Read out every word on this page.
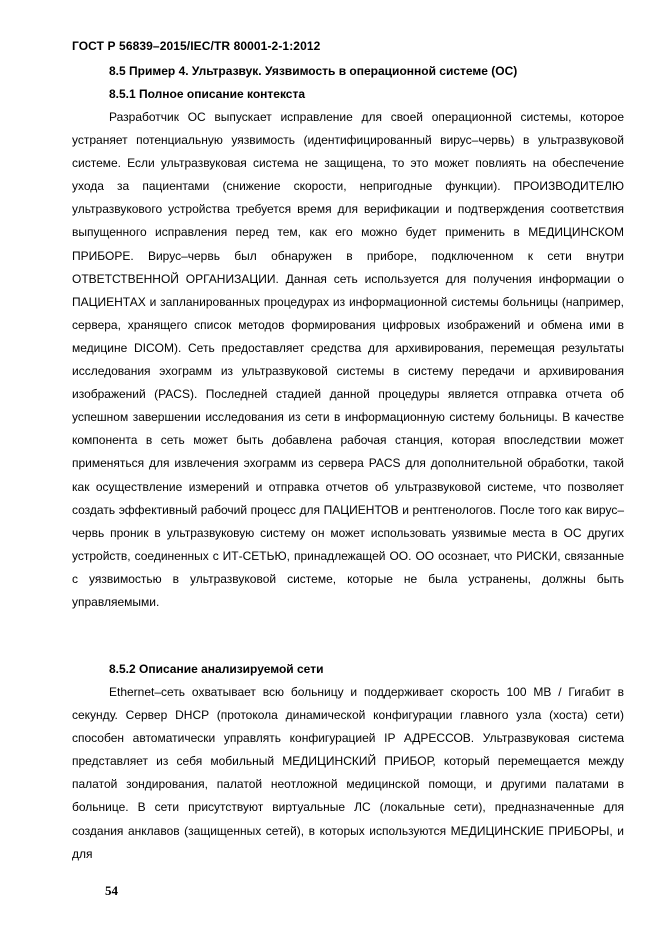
ГОСТ Р 56839–2015/IEC/TR 80001-2-1:2012
8.5 Пример 4. Ультразвук. Уязвимость в операционной системе (ОС)
8.5.1 Полное описание контекста

Разработчик ОС выпускает исправление для своей операционной системы, которое устраняет потенциальную уязвимость (идентифицированный вирус–червь) в ультразвуковой системе. Если ультразвуковая система не защищена, то это может повлиять на обеспечение ухода за пациентами (снижение скорости, непригодные функции). ПРОИЗВОДИТЕЛЮ ультразвукового устройства требуется время для верификации и подтверждения соответствия выпущенного исправления перед тем, как его можно будет применить в МЕДИЦИНСКОМ ПРИБОРЕ. Вирус–червь был обнаружен в приборе, подключенном к сети внутри ОТВЕТСТВЕННОЙ ОРГАНИЗАЦИИ. Данная сеть используется для получения информации о ПАЦИЕНТАХ и запланированных процедурах из информационной системы больницы (например, сервера, хранящего список методов формирования цифровых изображений и обмена ими в медицине DICOM). Сеть предоставляет средства для архивирования, перемещая результаты исследования эхограмм из ультразвуковой системы в систему передачи и архивирования изображений (PACS). Последней стадией данной процедуры является отправка отчета об успешном завершении исследования из сети в информационную систему больницы. В качестве компонента в сеть может быть добавлена рабочая станция, которая впоследствии может применяться для извлечения эхограмм из сервера PACS для дополнительной обработки, такой как осуществление измерений и отправка отчетов об ультразвуковой системе, что позволяет создать эффективный рабочий процесс для ПАЦИЕНТОВ и рентгенологов. После того как вирус–червь проник в ультразвуковую систему он может использовать уязвимые места в ОС других устройств, соединенных с ИТ-СЕТЬЮ, принадлежащей ОО. ОО осознает, что РИСКИ, связанные с уязвимостью в ультразвуковой системе, которые не была устранены, должны быть управляемыми.

8.5.2 Описание анализируемой сети

Ethernet–сеть охватывает всю больницу и поддерживает скорость 100 МВ / Гигабит в секунду. Сервер DHCP (протокола динамической конфигурации главного узла (хоста) сети) способен автоматически управлять конфигурацией IP АДРЕССОВ. Ультразвуковая система представляет из себя мобильный МЕДИЦИНСКИЙ ПРИБОР, который перемещается между палатой зондирования, палатой неотложной медицинской помощи, и другими палатами в больнице. В сети присутствуют виртуальные ЛС (локальные сети), предназначенные для создания анклавов (защищенных сетей), в которых используются МЕДИЦИНСКИЕ ПРИБОРЫ, и для

54
